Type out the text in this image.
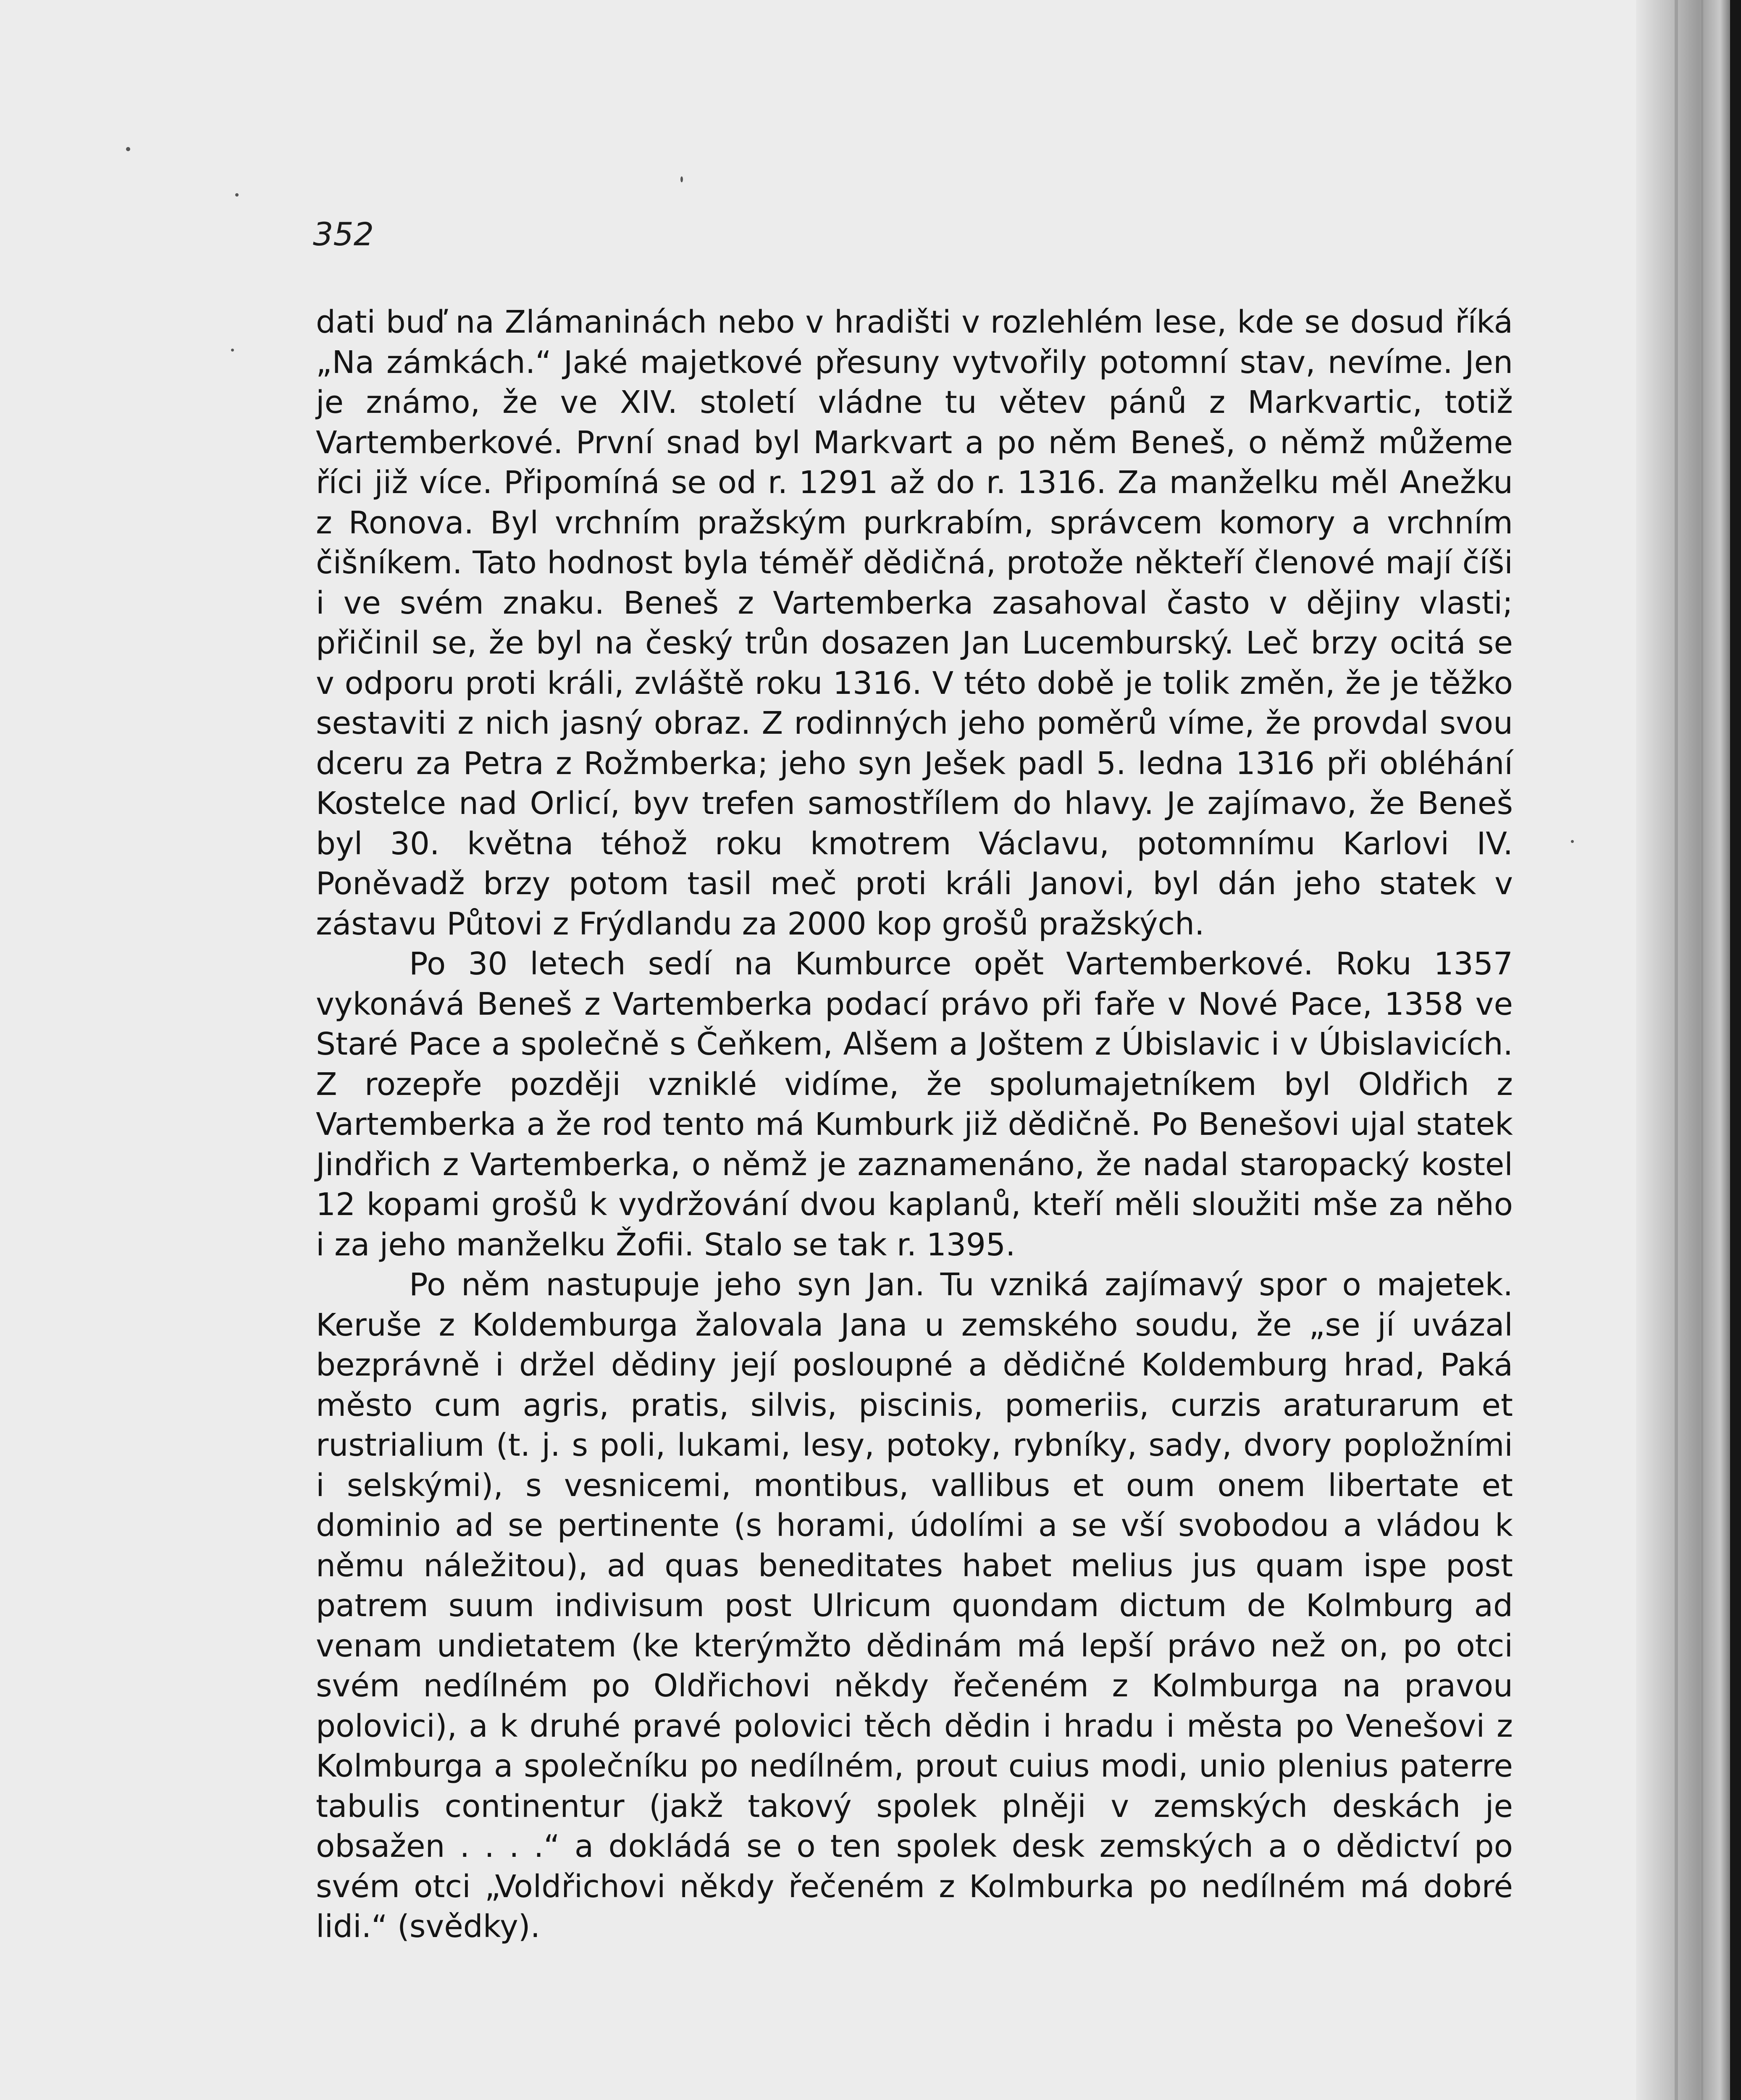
352

dati buď na Zlámaninách nebo v hradišti v rozlehlém lese, kde se dosud říká „Na zámkách.“ Jaké majetkové přesuny vytvořily potomní stav, nevíme. Jen je známo, že ve XIV. století vládne tu větev pánů z Markvartic, totiž Vartemberkové. První snad byl Markvart a po něm Beneš, o němž můžeme říci již více. Připomíná se od r. 1291 až do r. 1316. Za manželku měl Anežku z Ronova. Byl vrchním pražským purkrabím, správcem komory a vrchním čišníkem. Tato hodnost byla téměř dědičná, protože někteří členové mají číši i ve svém znaku. Beneš z Vartemberka zasahoval často v dějiny vlasti; přičinil se, že byl na český trůn dosazen Jan Lucemburský. Leč brzy ocitá se v odporu proti králi, zvláště roku 1316. V této době je tolik změn, že je těžko sestaviti z nich jasný obraz. Z rodinných jeho poměrů víme, že provdal svou dceru za Petra z Rožmberka; jeho syn Ješek padl 5. ledna 1316 při obléhání Kostelce nad Orlicí, byv trefen samostřílem do hlavy. Je zajímavo, že Beneš byl 30. května téhož roku kmotrem Václavu, potomnímu Karlovi IV. Poněvadž brzy potom tasil meč proti králi Janovi, byl dán jeho statek v zástavu Půtovi z Frýdlandu za 2000 kop grošů pražských.

Po 30 letech sedí na Kumburce opět Vartemberkové. Roku 1357 vykonává Beneš z Vartemberka podací právo při faře v Nové Pace, 1358 ve Staré Pace a společně s Čeňkem, Alšem a Joštem z Úbislavic i v Úbislavicích. Z rozepře později vzniklé vidíme, že spolumajetníkem byl Oldřich z Vartemberka a že rod tento má Kumburk již dědičně. Po Benešovi ujal statek Jindřich z Vartemberka, o němž je zaznamenáno, že nadal staropacký kostel 12 kopami grošů k vydržování dvou kaplanů, kteří měli sloužiti mše za něho i za jeho manželku Žofii. Stalo se tak r. 1395.

Po něm nastupuje jeho syn Jan. Tu vzniká zajímavý spor o majetek. Keruše z Koldemburga žalovala Jana u zemského soudu, že „se jí uvázal bezprávně i držel dědiny její posloupné a dědičné Koldemburg hrad, Paká město cum agris, pratis, silvis, piscinis, pomeriis, curzis araturarum et rustrialium (t. j. s poli, lukami, lesy, potoky, rybníky, sady, dvory popložními i selskými), s vesnicemi, montibus, vallibus et oum onem libertate et dominio ad se pertinente (s horami, údolími a se vší svobodou a vládou k němu náležitou), ad quas beneditates habet melius jus quam ispe post patrem suum indivisum post Ulricum quondam dictum de Kolmburg ad venam undietatem (ke kterýmžto dědinám má lepší právo než on, po otci svém nedílném po Oldřichovi někdy řečeném z Kolmburga na pravou polovici), a k druhé pravé polovici těch dědin i hradu i města po Venešovi z Kolmburga a společníku po nedílném, prout cuius modi, unio plenius paterre tabulis continentur (jakž takový spolek plněji v zemských deskách je obsažen . . . .“ a dokládá se o ten spolek desk zemských a o dědictví po svém otci „Voldřichovi někdy řečeném z Kolmburka po nedílném má dobré lidi.“ (svědky).
